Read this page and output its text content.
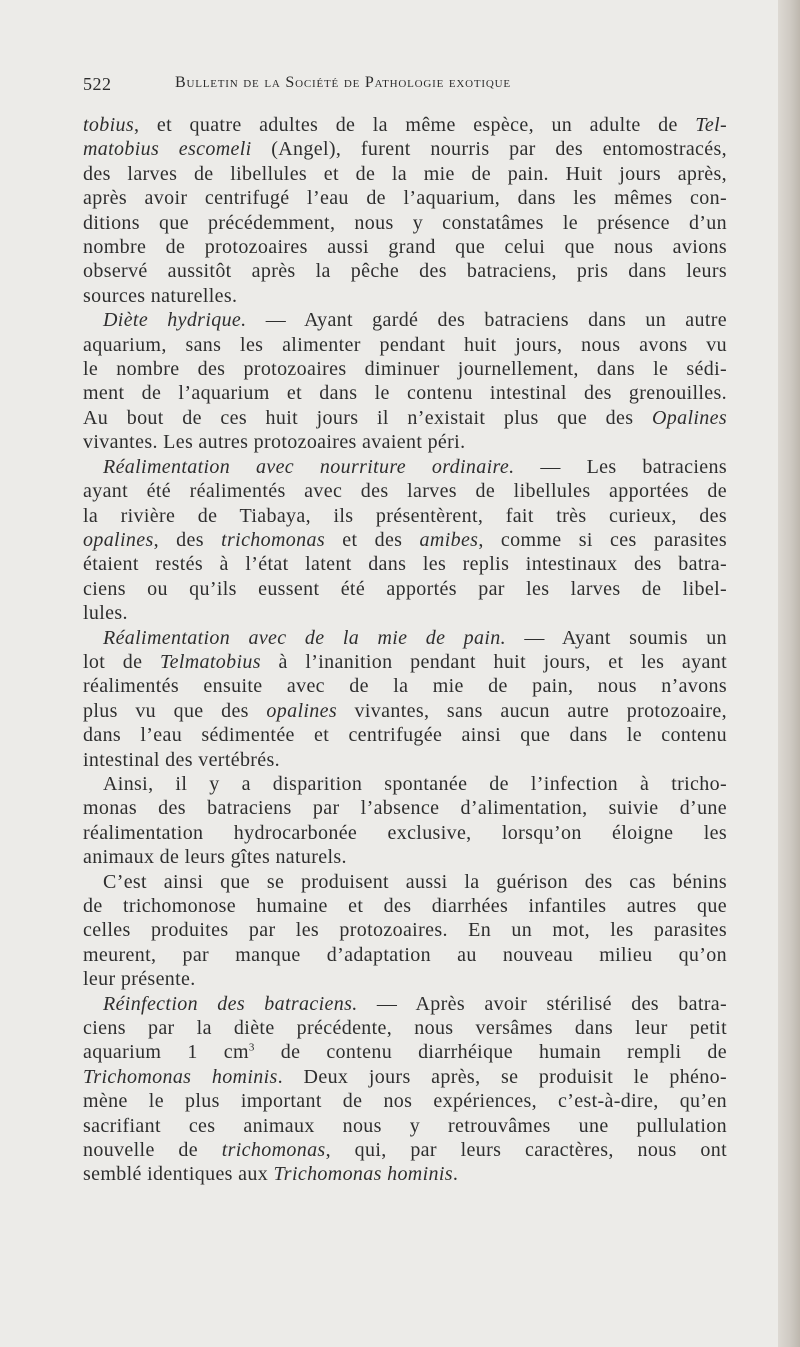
522	Bulletin de la Société de Pathologie exotique

tobius, et quatre adultes de la même espèce, un adulte de Tel-
matobius escomeli (Angel), furent nourris par des entomostracés,
des larves de libellules et de la mie de pain. Huit jours après,
après avoir centrifugé l’eau de l’aquarium, dans les mêmes con-
ditions que précédemment, nous y constatâmes le présence d’un
nombre de protozoaires aussi grand que celui que nous avions
observé aussitôt après la pêche des batraciens, pris dans leurs

sources naturelles.

Diète hydrique. — Ayant gardé des batraciens dans un autre
aquarium, sans les alimenter pendant huit jours, nous avons vu
le nombre des protozoaires diminuer journellement, dans le sédi-
ment de l’aquarium et dans le contenu intestinal des grenouilles.
Au bout de ces huit jours il n’existait plus que des Opalines

vivantes. Les autres protozoaires avaient péri.

Réalimentation avec nourriture ordinaire. — Les batraciens
ayant été réalimentés avec des larves de libellules apportées de
la rivière de Tiabaya, ils présentèrent, fait très curieux, des
opalines, des trichomonas et des amibes, comme si ces parasites
étaient restés à l’état latent dans les replis intestinaux des batra-
ciens ou qu’ils eussent été apportés par les larves de libel-

lules.

Réalimentation avec de la mie de pain. — Ayant soumis un
lot de Telmatobius à l’inanition pendant huit jours, et les ayant
réalimentés ensuite avec de la mie de pain, nous n’avons
plus vu que des opalines vivantes, sans aucun autre protozoaire,
dans l’eau sédimentée et centrifugée ainsi que dans le contenu

intestinal des vertébrés.

Ainsi, il y a disparition spontanée de l’infection à tricho-
monas des batraciens par l’absence d’alimentation, suivie d’une
réalimentation hydrocarbonée exclusive, lorsqu’on éloigne les

animaux de leurs gîtes naturels.

C’est ainsi que se produisent aussi la guérison des cas bénins
de trichomonose humaine et des diarrhées infantiles autres que
celles produites par les protozoaires. En un mot, les parasites
meurent, par manque d’adaptation au nouveau milieu qu’on

leur présente.

Réinfection des batraciens. — Après avoir stérilisé des batra-
ciens par la diète précédente, nous versâmes dans leur petit
aquarium 1 $cm^3$ de contenu diarrhéique humain rempli de
Trichomonas hominis. Deux jours après, se produisit le phéno-
mène le plus important de nos expériences, c’est-à-dire, qu’en
sacrifiant ces animaux nous y retrouvâmes une pullulation
nouvelle de trichomonas, qui, par leurs caractères, nous ont

semblé identiques aux Trichomonas hominis.
